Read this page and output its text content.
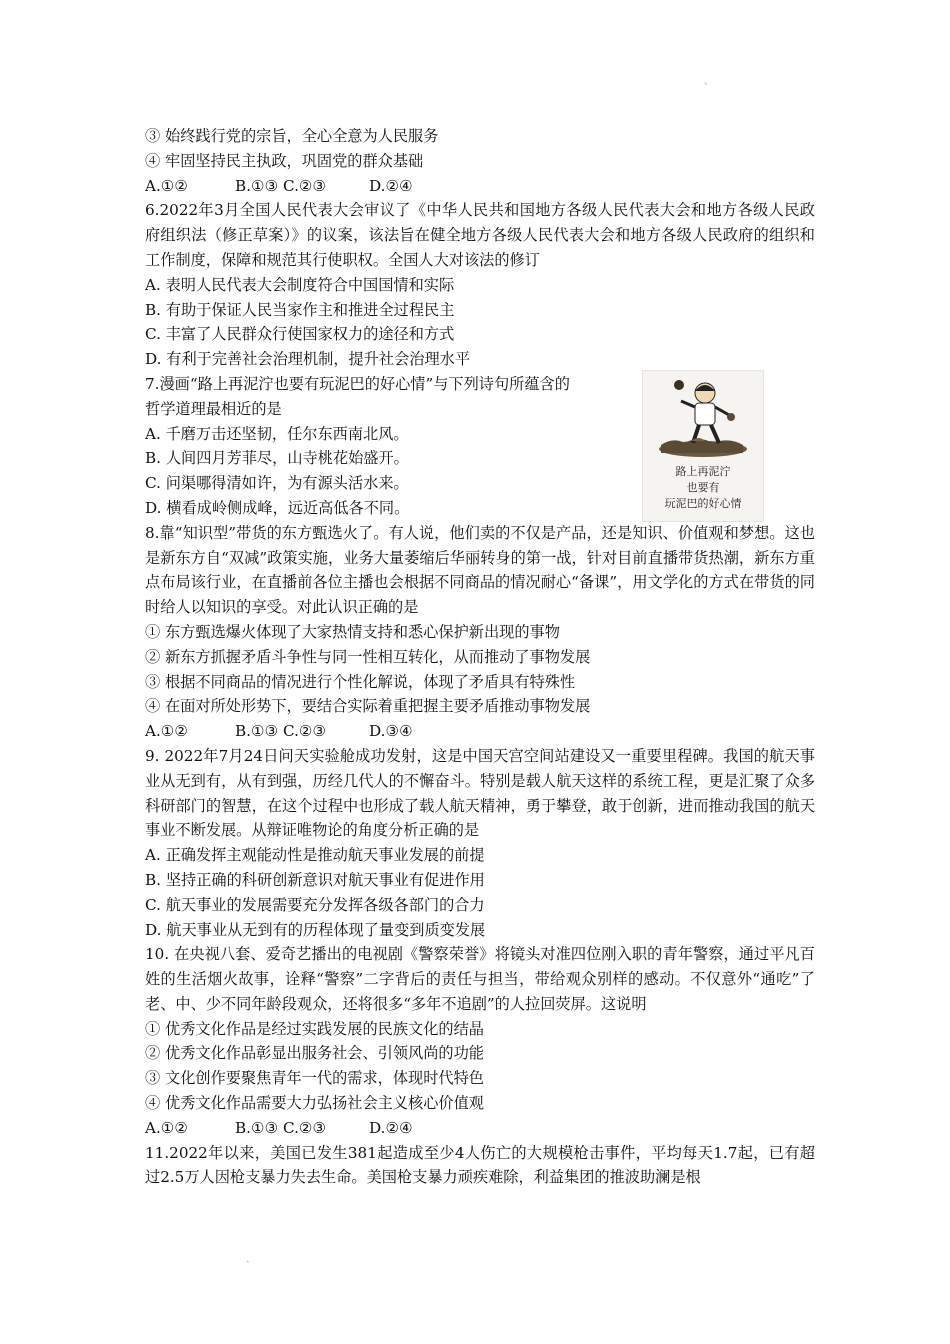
、
③ 始终践行党的宗旨，全心全意为人民服务
④ 牢固坚持民主执政，巩固党的群众基础
A.①②	B.①③ C.②③	D.②④
6.2022年3月全国人民代表大会审议了《中华人民共和国地方各级人民代表大会和地方各级人民政府组织法（修正草案）》的议案，该法旨在健全地方各级人民代表大会和地方各级人民政府的组织和工作制度，保障和规范其行使职权。全国人大对该法的修订
A. 表明人民代表大会制度符合中国国情和实际
B. 有助于保证人民当家作主和推进全过程民主
C. 丰富了人民群众行使国家权力的途径和方式
D. 有利于完善社会治理机制，提升社会治理水平
7.漫画“路上再泥泞也要有玩泥巴的好心情”与下列诗句所蕴含的
哲学道理最相近的是
A. 千磨万击还坚韧，任尔东西南北风。
B. 人间四月芳菲尽，山寺桃花始盛开。
C. 问渠哪得清如许，为有源头活水来。
D. 横看成岭侧成峰，远近高低各不同。
路上再泥泞
也要有
玩泥巴的好心情
8.靠“知识型”带货的东方甄选火了。有人说，他们卖的不仅是产品，还是知识、价值观和梦想。这也是新东方自“双减”政策实施，业务大量萎缩后华丽转身的第一战，针对目前直播带货热潮，新东方重点布局该行业，在直播前各位主播也会根据不同商品的情况耐心“备课”，用文学化的方式在带货的同时给人以知识的享受。对此认识正确的是
① 东方甄选爆火体现了大家热情支持和悉心保护新出现的事物
② 新东方抓握矛盾斗争性与同一性相互转化，从而推动了事物发展
③ 根据不同商品的情况进行个性化解说，体现了矛盾具有特殊性
④ 在面对所处形势下，要结合实际着重把握主要矛盾推动事物发展
A.①②	B.①③ C.②③	D.③④
9. 2022年7月24日问天实验舱成功发射，这是中国天宫空间站建设又一重要里程碑。我国的航天事业从无到有，从有到强，历经几代人的不懈奋斗。特别是载人航天这样的系统工程，更是汇聚了众多科研部门的智慧，在这个过程中也形成了载人航天精神，勇于攀登，敢于创新，进而推动我国的航天事业不断发展。从辩证唯物论的角度分析正确的是
A. 正确发挥主观能动性是推动航天事业发展的前提
B. 坚持正确的科研创新意识对航天事业有促进作用
C. 航天事业的发展需要充分发挥各级各部门的合力
D. 航天事业从无到有的历程体现了量变到质变发展
10. 在央视八套、爱奇艺播出的电视剧《警察荣誉》将镜头对准四位刚入职的青年警察，通过平凡百姓的生活烟火故事，诠释“警察”二字背后的责任与担当，带给观众别样的感动。不仅意外“通吃”了老、中、少不同年龄段观众，还将很多“多年不追剧”的人拉回荧屏。这说明
① 优秀文化作品是经过实践发展的民族文化的结晶
② 优秀文化作品彰显出服务社会、引领风尚的功能
③ 文化创作要聚焦青年一代的需求，体现时代特色
④ 优秀文化作品需要大力弘扬社会主义核心价值观
A.①②	B.①③ C.②③	D.②④
11.2022年以来，美国已发生381起造成至少4人伤亡的大规模枪击事件，平均每天1.7起，已有超过2.5万人因枪支暴力失去生命。美国枪支暴力顽疾难除，利益集团的推波助澜是根
、
